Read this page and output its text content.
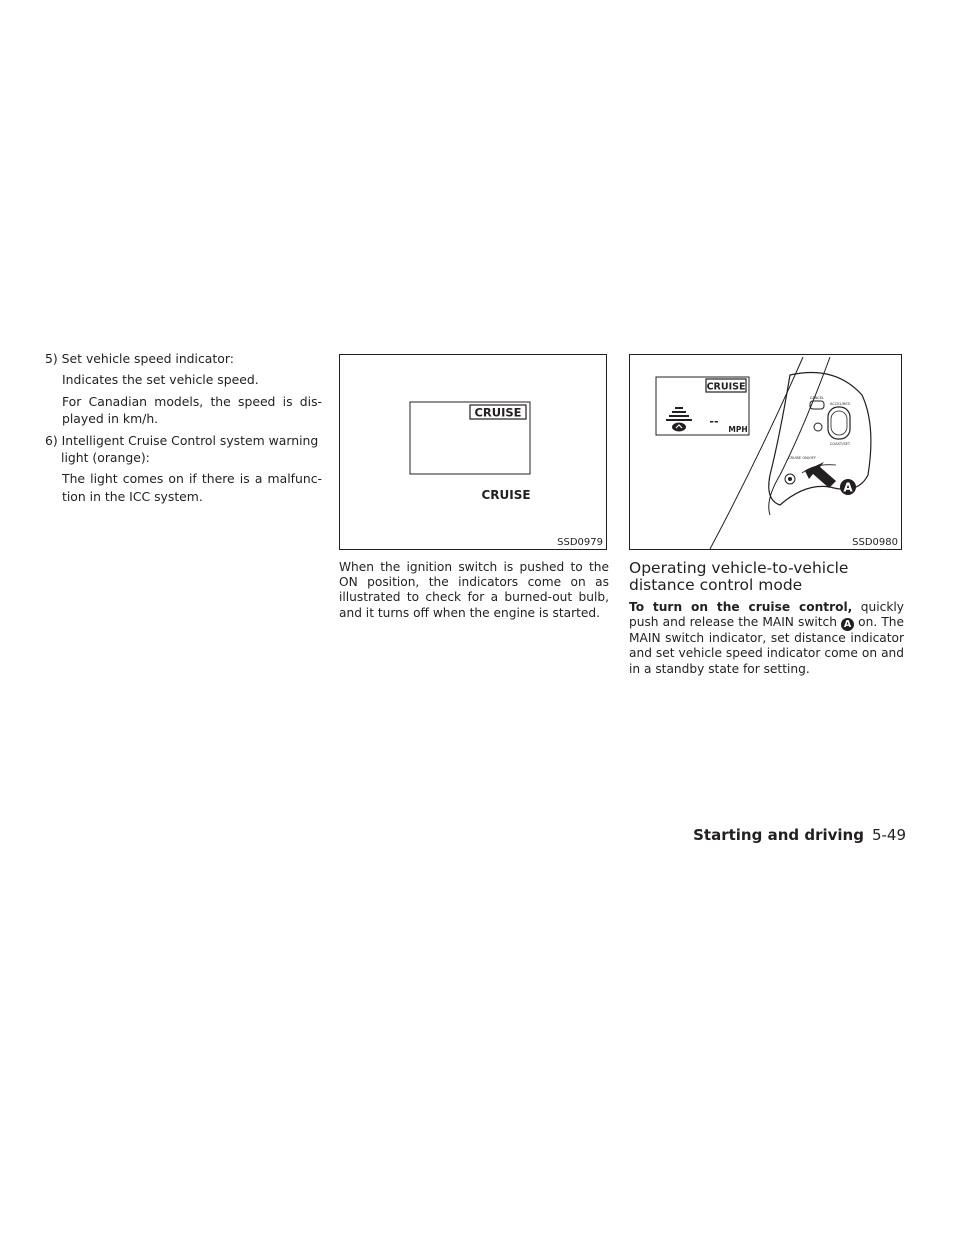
5) Set vehicle speed indicator:

Indicates the set vehicle speed.

For Canadian models, the speed is dis-played in km/h.

6) Intelligent Cruise Control system warning light (orange):

The light comes on if there is a malfunc-tion in the ICC system.

CRUISE
CRUISE
SSD0979

When the ignition switch is pushed to the ON position, the indicators come on as illustrated to check for a burned-out bulb, and it turns off when the engine is started.

CRUISE
--
MPH
CANCEL
ACCEL/RES
COAST/SET
CRUISE ON/OFF
A
SSD0980
Operating vehicle-to-vehicle distance control mode

To turn on the cruise control, quickly push and release the MAIN switch A on. The MAIN switch indicator, set distance indicator and set vehicle speed indicator come on and in a standby state for setting.

Starting and driving 5-49
